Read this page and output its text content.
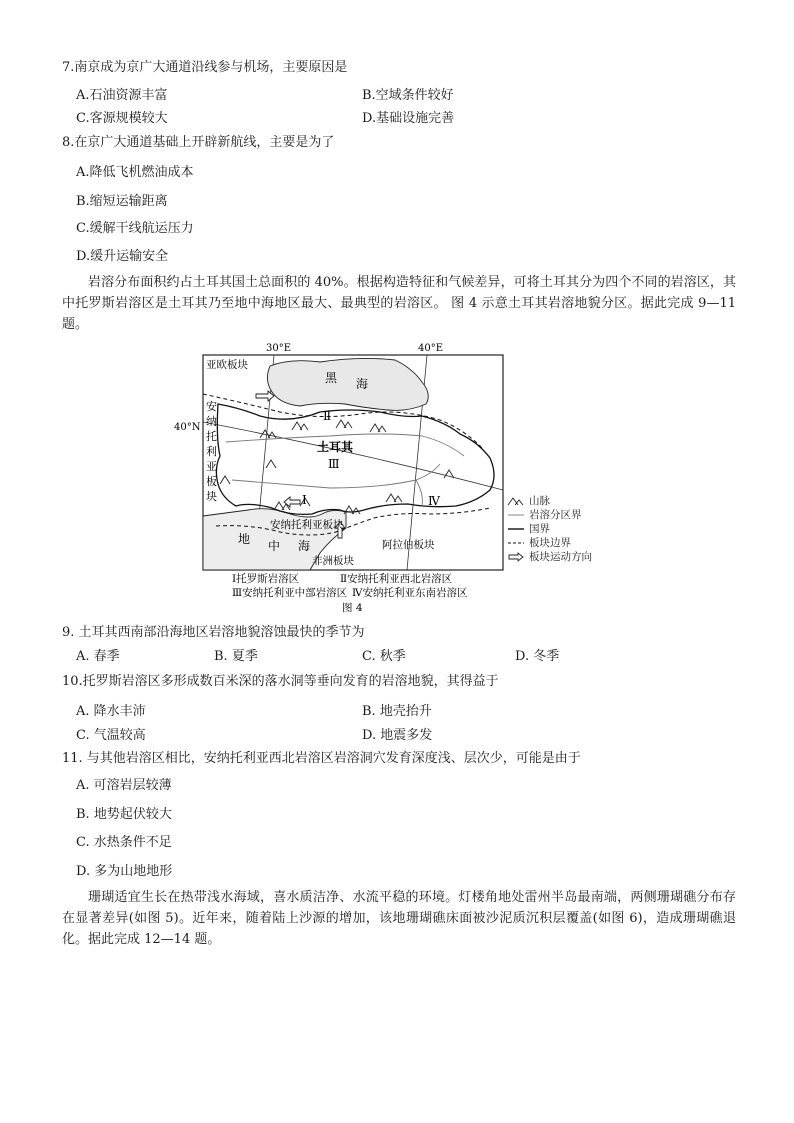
7.南京成为京广大通道沿线参与机场，主要原因是
A.石油资源丰富	B.空域条件较好
C.客源规模较大	D.基础设施完善
8.在京广大通道基础上开辟新航线，主要是为了
A.降低飞机燃油成本
B.缩短运输距离
C.缓解干线航运压力
D.缓升运输安全
岩溶分布面积约占土耳其国土总面积的 40%。根据构造特征和气候差异，可将土耳其分为四个不同的岩溶区，其中托罗斯岩溶区是土耳其乃至地中海地区最大、最典型的岩溶区。 图 4 示意土耳其岩溶地貌分区。据此完成 9—11 题。
30°E	40°E
40°N
黑 海
地 中 海
亚欧板块
安
纳
托
利
亚
板
块
土耳其
Ⅱ
Ⅲ
Ⅰ	Ⅳ
安纳托利亚板块
阿拉伯板块
非洲板块
Ⅰ托罗斯岩溶区	Ⅱ安纳托利亚西北岩溶区
Ⅲ安纳托利亚中部岩溶区 Ⅳ安纳托利亚东南岩溶区
图 4
山脉
岩溶分区界
国界
板块边界
板块运动方向
9. 土耳其西南部沿海地区岩溶地貌溶蚀最快的季节为
A. 春季	B. 夏季	C. 秋季	D. 冬季
10.托罗斯岩溶区多形成数百米深的落水洞等垂向发育的岩溶地貌，其得益于
A. 降水丰沛	B. 地壳抬升
C. 气温较高	D. 地震多发
11. 与其他岩溶区相比，安纳托利亚西北岩溶区岩溶洞穴发育深度浅、层次少，可能是由于
A. 可溶岩层较薄
B. 地势起伏较大
C. 水热条件不足
D. 多为山地地形
珊瑚适宜生长在热带浅水海域，喜水质洁净、水流平稳的环境。灯楼角地处雷州半岛最南端，两侧珊瑚礁分布存在显著差异(如图 5)。近年来，随着陆上沙源的增加，该地珊瑚礁床面被沙泥质沉积层覆盖(如图 6)，造成珊瑚礁退化。据此完成 12—14 题。
